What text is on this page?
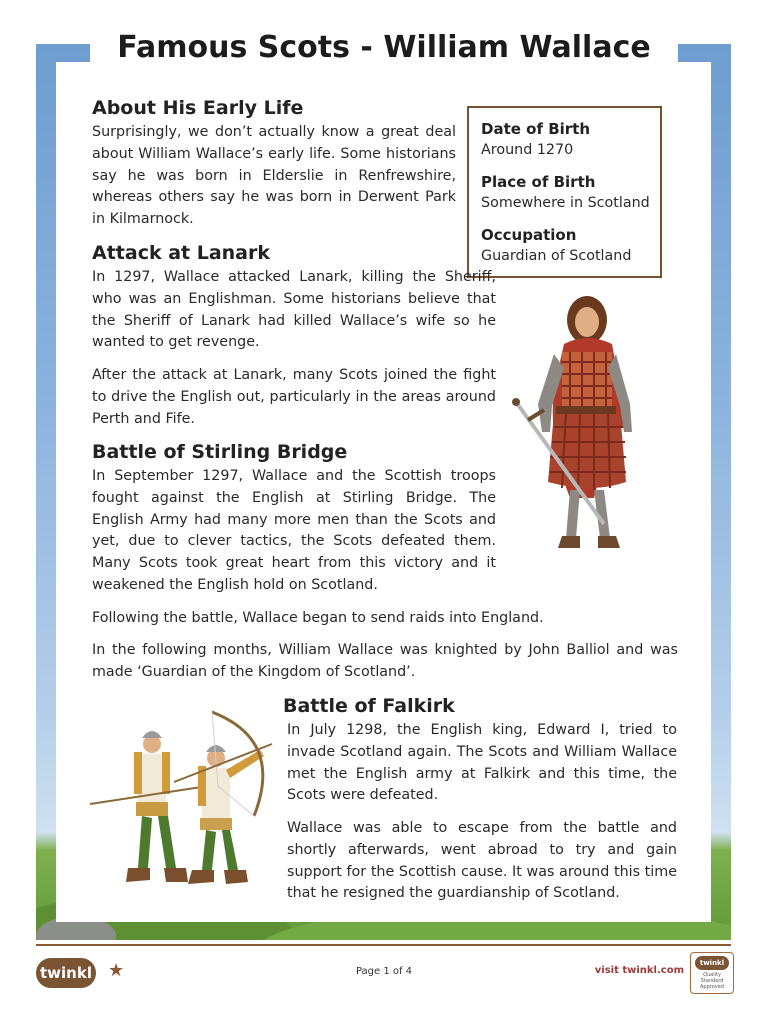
Famous Scots - William Wallace
About His Early Life

Surprisingly, we don’t actually know a great deal about William Wallace’s early life. Some historians say he was born in Elderslie in Renfrewshire, whereas others say he was born in Derwent Park in Kilmarnock.

Date of Birth
Around 1270
Place of Birth
Somewhere in Scotland
Occupation
Guardian of Scotland
Attack at Lanark

In 1297, Wallace attacked Lanark, killing the Sheriff, who was an Englishman. Some historians believe that the Sheriff of Lanark had killed Wallace’s wife so he wanted to get revenge.

After the attack at Lanark, many Scots joined the fight to drive the English out, particularly in the areas around Perth and Fife.

Battle of Stirling Bridge

In September 1297, Wallace and the Scottish troops fought against the English at Stirling Bridge. The English Army had many more men than the Scots and yet, due to clever tactics, the Scots defeated them. Many Scots took great heart from this victory and it weakened the English hold on Scotland.

Following the battle, Wallace began to send raids into England.

In the following months, William Wallace was knighted by John Balliol and was made ‘Guardian of the Kingdom of Scotland’.

Battle of Falkirk

In July 1298, the English king, Edward I, tried to invade Scotland again. The Scots and William Wallace met the English army at Falkirk and this time, the Scots were defeated.

Wallace was able to escape from the battle and shortly afterwards, went abroad to try and gain support for the Scottish cause. It was around this time that he resigned the guardianship of Scotland.

twinkl ★	Page 1 of 4	visit twinkl.com
twinkl
Quality Standard Approved
